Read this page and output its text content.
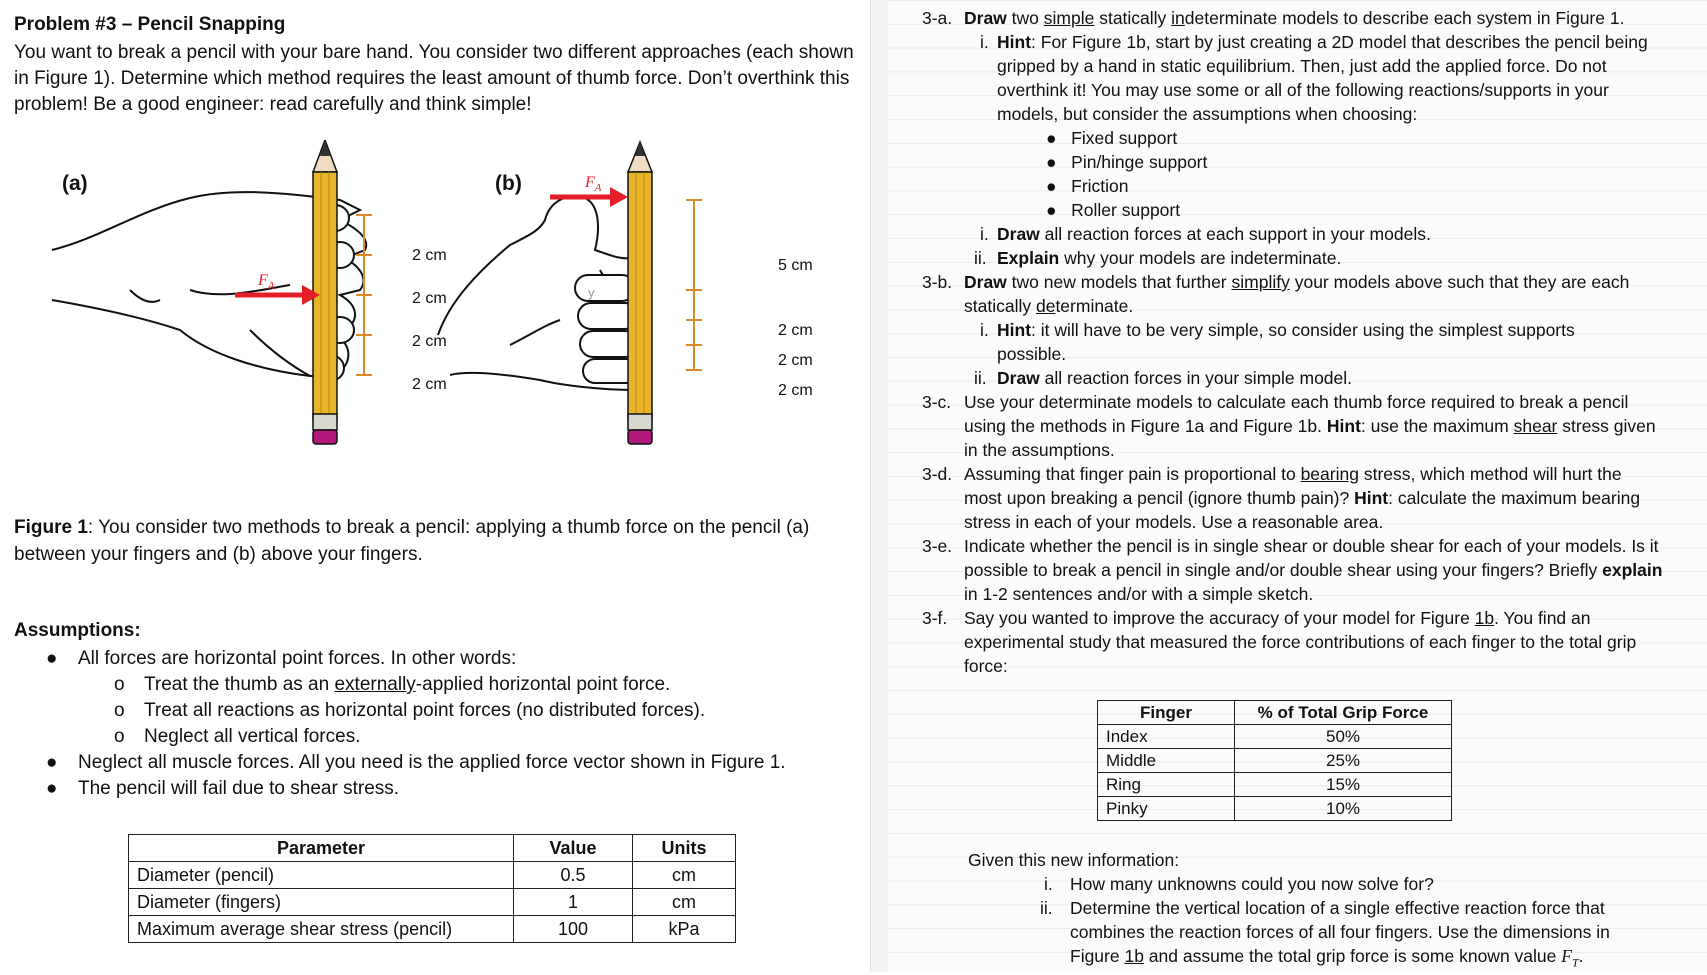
Problem #3 – Pencil Snapping
You want to break a pencil with your bare hand. You consider two different approaches (each shown in Figure 1). Determine which method requires the least amount of thumb force. Don’t overthink this problem! Be a good engineer: read carefully and think simple!
$F_A$
$F_A$
y
(a)	(b)
2 cm
2 cm
2 cm
2 cm
5 cm
2 cm
2 cm
2 cm
Figure 1: You consider two methods to break a pencil: applying a thumb force on the pencil (a) between your fingers and (b) above your fingers.
Assumptions:
● All forces are horizontal point forces. In other words:
o Treat the thumb as an externally-applied horizontal point force.
o Treat all reactions as horizontal point forces (no distributed forces).
o Neglect all vertical forces.
● Neglect all muscle forces. All you need is the applied force vector shown in Figure 1.
● The pencil will fail due to shear stress.
Parameter	Value	Units
Diameter (pencil)	0.5	cm
Diameter (fingers)	1	cm
Maximum average shear stress (pencil)	100	kPa
3-a. Draw two simple statically indeterminate models to describe each system in Figure 1.
i. Hint: For Figure 1b, start by just creating a 2D model that describes the pencil being gripped by a hand in static equilibrium. Then, just add the applied force. Do not overthink it! You may use some or all of the following reactions/supports in your models, but consider the assumptions when choosing:
●   Fixed support
●   Pin/hinge support
●   Friction
●   Roller support
i. Draw all reaction forces at each support in your models.
ii. Explain why your models are indeterminate.
3-b. Draw two new models that further simplify your models above such that they are each statically determinate.
i. Hint: it will have to be very simple, so consider using the simplest supports possible.
ii. Draw all reaction forces in your simple model.
3-c. Use your determinate models to calculate each thumb force required to break a pencil using the methods in Figure 1a and Figure 1b. Hint: use the maximum shear stress given in the assumptions.
3-d. Assuming that finger pain is proportional to bearing stress, which method will hurt the most upon breaking a pencil (ignore thumb pain)? Hint: calculate the maximum bearing stress in each of your models. Use a reasonable area.
3-e. Indicate whether the pencil is in single shear or double shear for each of your models. Is it possible to break a pencil in single and/or double shear using your fingers? Briefly explain in 1-2 sentences and/or with a simple sketch.
3-f. Say you wanted to improve the accuracy of your model for Figure 1b. You find an experimental study that measured the force contributions of each finger to the total grip force:
Finger	% of Total Grip Force
Index	50%
Middle	25%
Ring	15%
Pinky	10%
Given this new information:
i. How many unknowns could you now solve for?
ii. Determine the vertical location of a single effective reaction force that combines the reaction forces of all four fingers. Use the dimensions in Figure 1b and assume the total grip force is some known value $F_T$.
